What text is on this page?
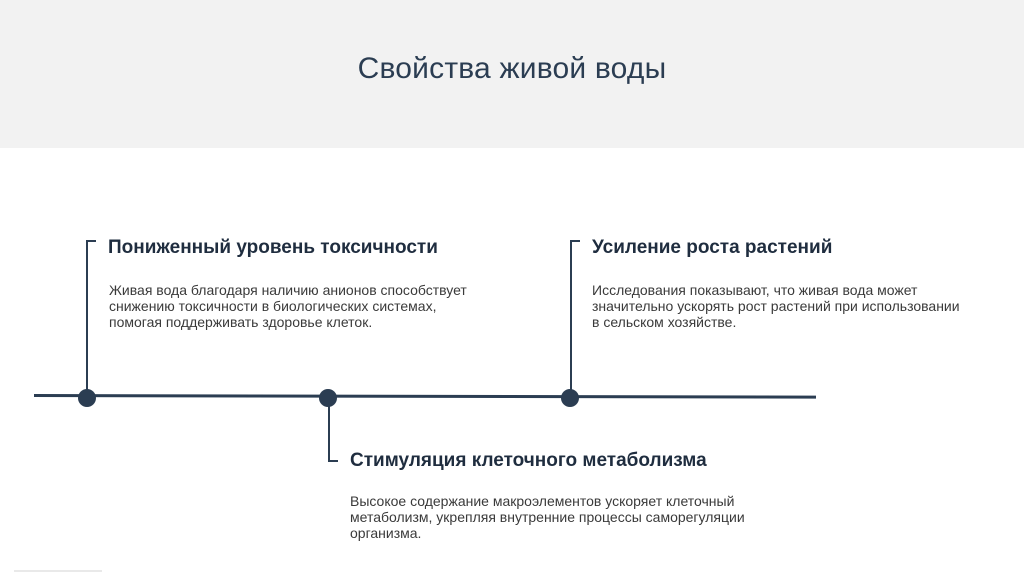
Свойства живой воды
Пониженный уровень токсичности
Живая вода благодаря наличию анионов способствует снижению токсичности в биологических системах, помогая поддерживать здоровье клеток.
Стимуляция клеточного метаболизма
Высокое содержание макроэлементов ускоряет клеточный метаболизм, укрепляя внутренние процессы саморегуляции организма.
Усиление роста растений
Исследования показывают, что живая вода может значительно ускорять рост растений при использовании в сельском хозяйстве.
